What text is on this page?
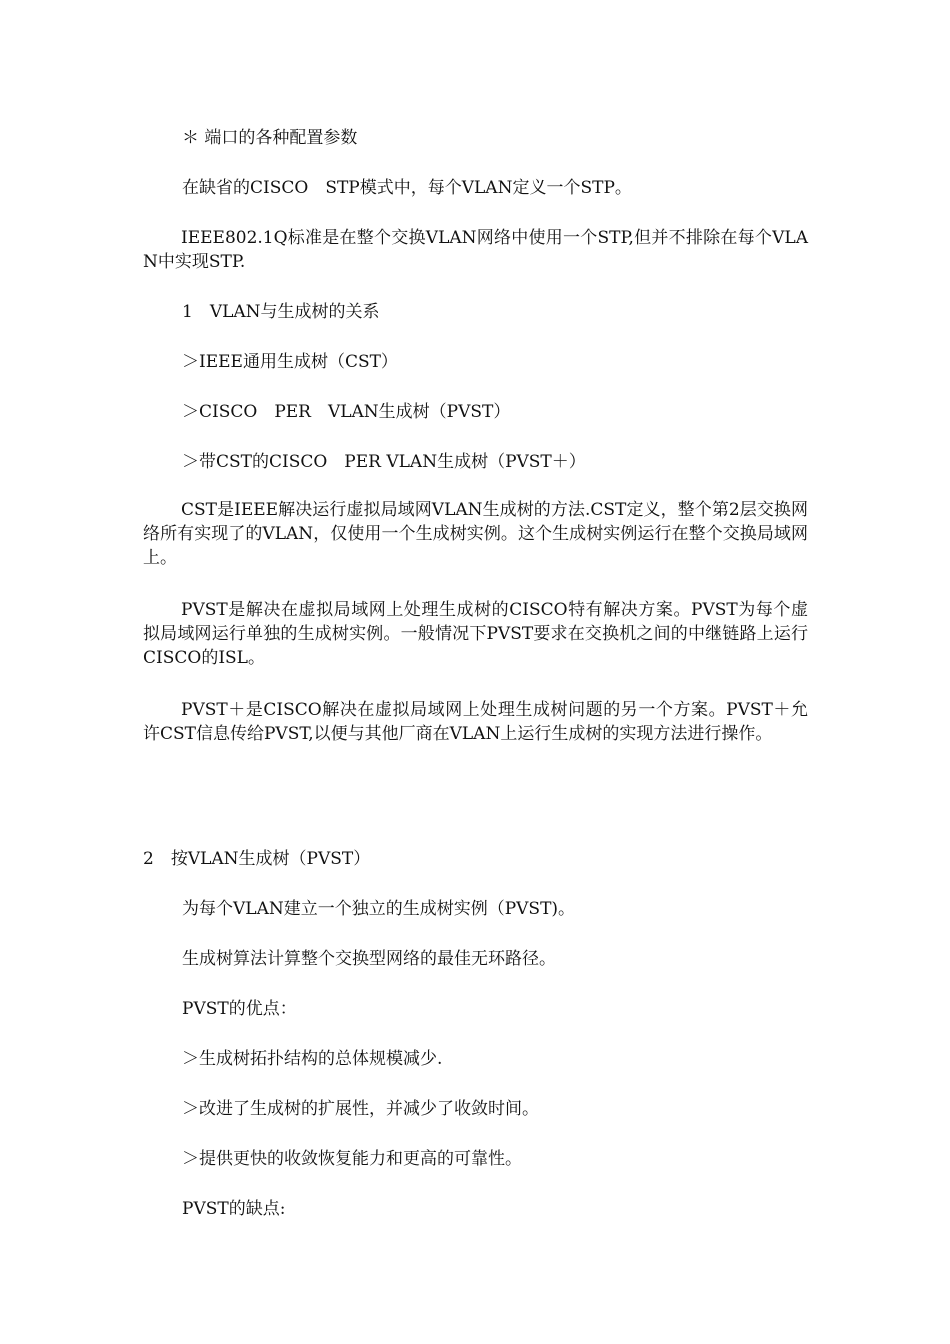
＊ 端口的各种配置参数
在缺省的CISCO　STP模式中，每个VLAN定义一个STP。
IEEE802.1Q标准是在整个交换VLAN网络中使用一个STP,但并不排除在每个VLAN中实现STP.
1　VLAN与生成树的关系
＞IEEE通用生成树（CST）
＞CISCO　PER　VLAN生成树（PVST）
＞带CST的CISCO　PER VLAN生成树（PVST＋）
CST是IEEE解决运行虚拟局域网VLAN生成树的方法.CST定义，整个第2层交换网络所有实现了的VLAN，仅使用一个生成树实例。这个生成树实例运行在整个交换局域网上。
PVST是解决在虚拟局域网上处理生成树的CISCO特有解决方案。PVST为每个虚拟局域网运行单独的生成树实例。一般情况下PVST要求在交换机之间的中继链路上运行CISCO的ISL。
PVST＋是CISCO解决在虚拟局域网上处理生成树问题的另一个方案。PVST＋允许CST信息传给PVST,以便与其他厂商在VLAN上运行生成树的实现方法进行操作。
2　按VLAN生成树（PVST）
为每个VLAN建立一个独立的生成树实例（PVST)。
生成树算法计算整个交换型网络的最佳无环路径。
PVST的优点：
＞生成树拓扑结构的总体规模减少.
＞改进了生成树的扩展性，并减少了收敛时间。
＞提供更快的收敛恢复能力和更高的可靠性。
PVST的缺点:
